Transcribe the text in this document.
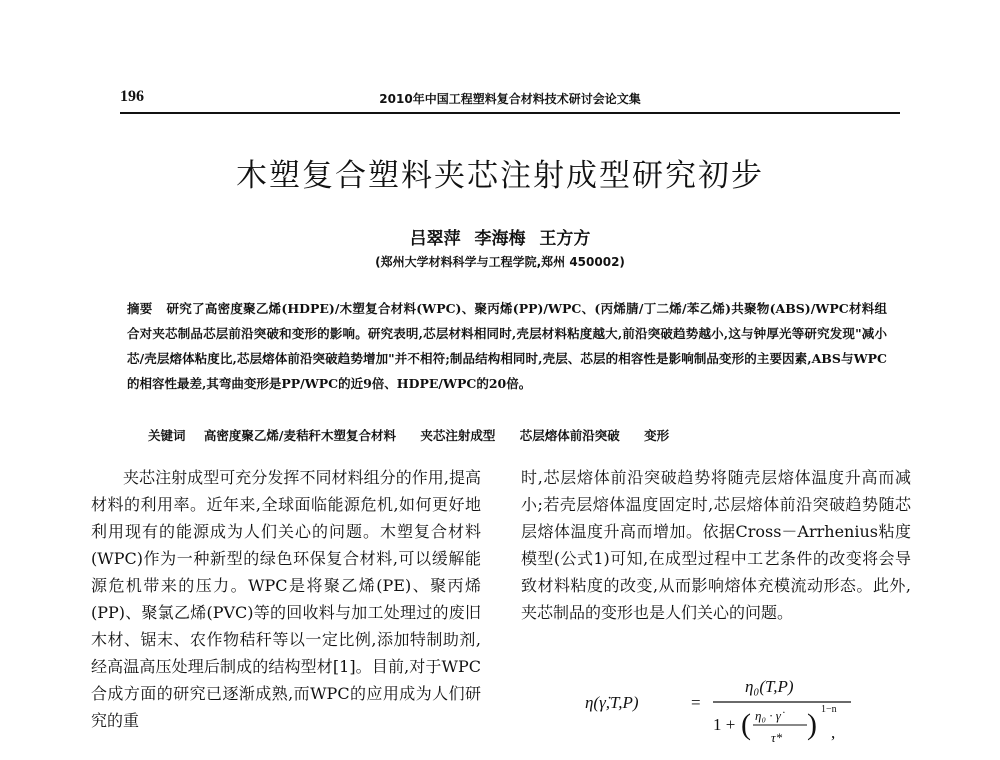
196	2010年中国工程塑料复合材料技术研讨会论文集
木塑复合塑料夹芯注射成型研究初步
吕翠萍 李海梅 王方方
(郑州大学材料科学与工程学院,郑州 450002)
摘要 研究了高密度聚乙烯(HDPE)/木塑复合材料(WPC)、聚丙烯(PP)/WPC、(丙烯腈/丁二烯/苯乙烯)共聚物(ABS)/WPC材料组合对夹芯制品芯层前沿突破和变形的影响。研究表明,芯层材料相同时,壳层材料粘度越大,前沿突破趋势越小,这与钟厚光等研究发现"减小芯/壳层熔体粘度比,芯层熔体前沿突破趋势增加"并不相符;制品结构相同时,壳层、芯层的相容性是影响制品变形的主要因素,ABS与WPC的相容性最差,其弯曲变形是PP/WPC的近9倍、HDPE/WPC的20倍。
关键词 高密度聚乙烯/麦秸秆木塑复合材料 夹芯注射成型 芯层熔体前沿突破 变形

夹芯注射成型可充分发挥不同材料组分的作用,提高材料的利用率。近年来,全球面临能源危机,如何更好地利用现有的能源成为人们关心的问题。木塑复合材料(WPC)作为一种新型的绿色环保复合材料,可以缓解能源危机带来的压力。WPC是将聚乙烯(PE)、聚丙烯(PP)、聚氯乙烯(PVC)等的回收料与加工处理过的废旧木材、锯末、农作物秸秆等以一定比例,添加特制助剂,经高温高压处理后制成的结构型材[1]。目前,对于WPC合成方面的研究已逐渐成熟,而WPC的应用成为人们研究的重

时,芯层熔体前沿突破趋势将随壳层熔体温度升高而减小;若壳层熔体温度固定时,芯层熔体前沿突破趋势随芯层熔体温度升高而增加。依据Cross－Arrhenius粘度模型(公式1)可知,在成型过程中工艺条件的改变将会导致材料粘度的改变,从而影响熔体充模流动形态。此外,夹芯制品的变形也是人们关心的问题。

η(γ̇,T,P)	=
η₀(T,P)
1 + ( η₀ · γ̇
τ* ) 1−n
,
